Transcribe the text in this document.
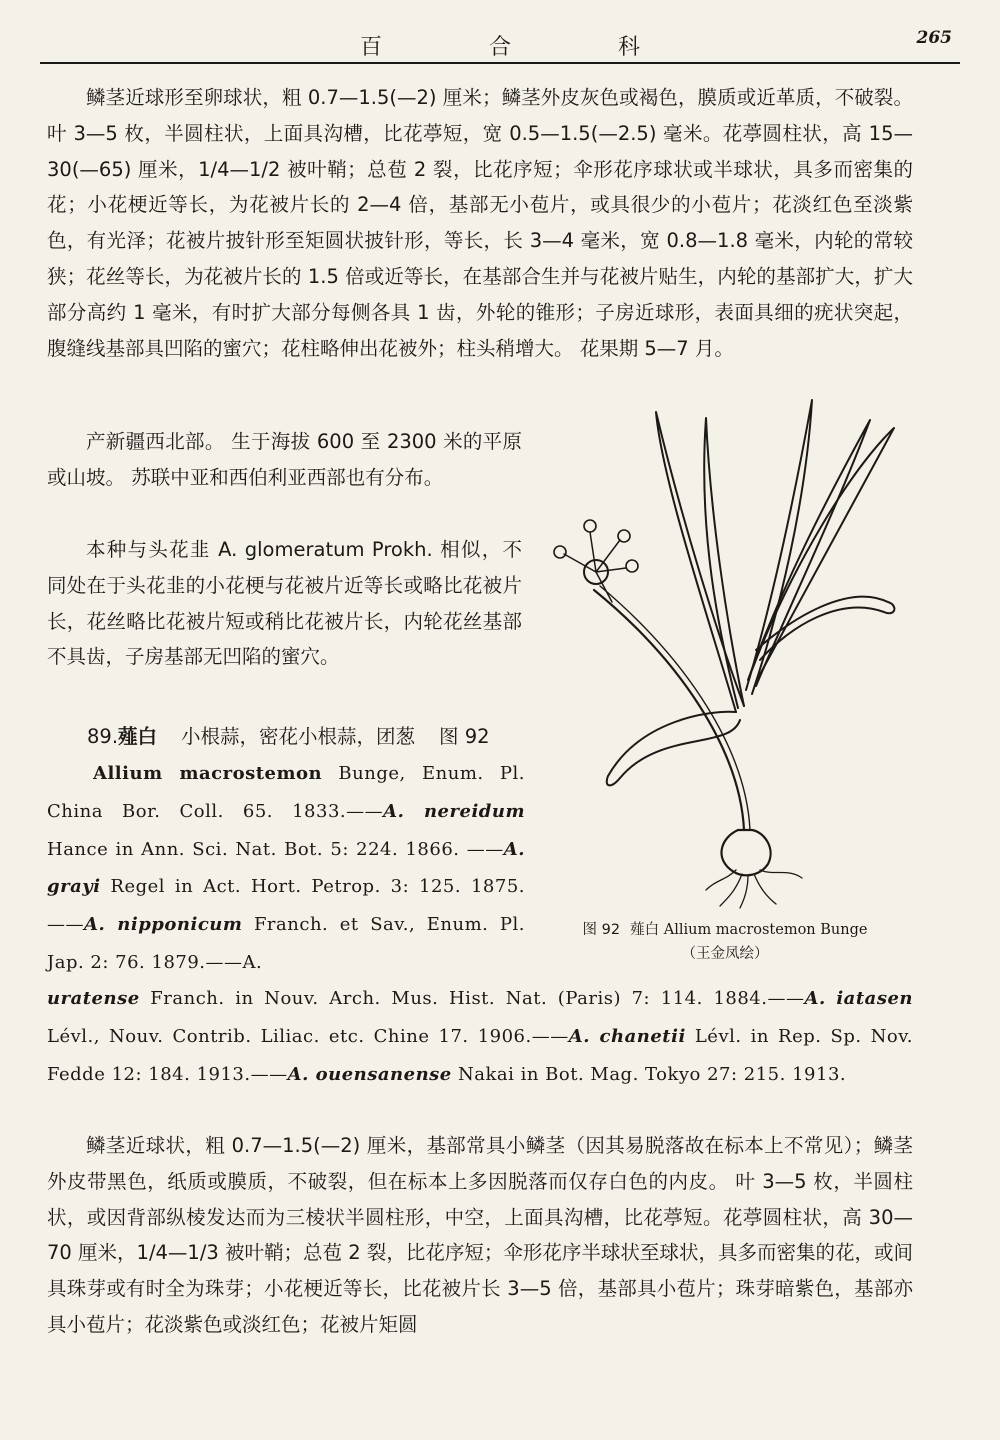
百 合 科	265

鳞茎近球形至卵球状，粗 0.7—1.5(—2) 厘米；鳞茎外皮灰色或褐色，膜质或近革质，不破裂。叶 3—5 枚，半圆柱状，上面具沟槽，比花葶短，宽 0.5—1.5(—2.5) 毫米。花葶圆柱状，高 15—30(—65) 厘米，1/4—1/2 被叶鞘；总苞 2 裂，比花序短；伞形花序球状或半球状，具多而密集的花；小花梗近等长，为花被片长的 2—4 倍，基部无小苞片，或具很少的小苞片；花淡红色至淡紫色，有光泽；花被片披针形至矩圆状披针形，等长，长 3—4 毫米，宽 0.8—1.8 毫米，内轮的常较狭；花丝等长，为花被片长的 1.5 倍或近等长，在基部合生并与花被片贴生，内轮的基部扩大，扩大部分高约 1 毫米，有时扩大部分每侧各具 1 齿，外轮的锥形；子房近球形，表面具细的疣状突起，腹缝线基部具凹陷的蜜穴；花柱略伸出花被外；柱头稍增大。 花果期 5—7 月。

产新疆西北部。 生于海拔 600 至 2300 米的平原或山坡。 苏联中亚和西伯利亚西部也有分布。

本种与头花韭 A. glomeratum Prokh. 相似，不同处在于头花韭的小花梗与花被片近等长或略比花被片长，花丝略比花被片短或稍比花被片长，内轮花丝基部不具齿，子房基部无凹陷的蜜穴。

89.薤白 小根蒜，密花小根蒜，团葱 图 92

Allium macrostemon Bunge, Enum. Pl. China Bor. Coll. 65. 1833.——A. nereidum Hance in Ann. Sci. Nat. Bot. 5: 224. 1866. ——A. grayi Regel in Act. Hort. Petrop. 3: 125. 1875.——A. nipponicum Franch. et Sav., Enum. Pl. Jap. 2: 76. 1879.——A.

uratense Franch. in Nouv. Arch. Mus. Hist. Nat. (Paris) 7: 114. 1884.——A. iatasen Lévl., Nouv. Contrib. Liliac. etc. Chine 17. 1906.——A. chanetii Lévl. in Rep. Sp. Nov. Fedde 12: 184. 1913.——A. ouensanense Nakai in Bot. Mag. Tokyo 27: 215. 1913.

鳞茎近球状，粗 0.7—1.5(—2) 厘米，基部常具小鳞茎（因其易脱落故在标本上不常见）；鳞茎外皮带黑色，纸质或膜质，不破裂，但在标本上多因脱落而仅存白色的内皮。 叶 3—5 枚，半圆柱状，或因背部纵棱发达而为三棱状半圆柱形，中空，上面具沟槽，比花葶短。花葶圆柱状，高 30—70 厘米，1/4—1/3 被叶鞘；总苞 2 裂，比花序短；伞形花序半球状至球状，具多而密集的花，或间具珠芽或有时全为珠芽；小花梗近等长，比花被片长 3—5 倍，基部具小苞片；珠芽暗紫色，基部亦具小苞片；花淡紫色或淡红色；花被片矩圆

图 92 薤白 Allium macrostemon Bunge
（王金凤绘）
